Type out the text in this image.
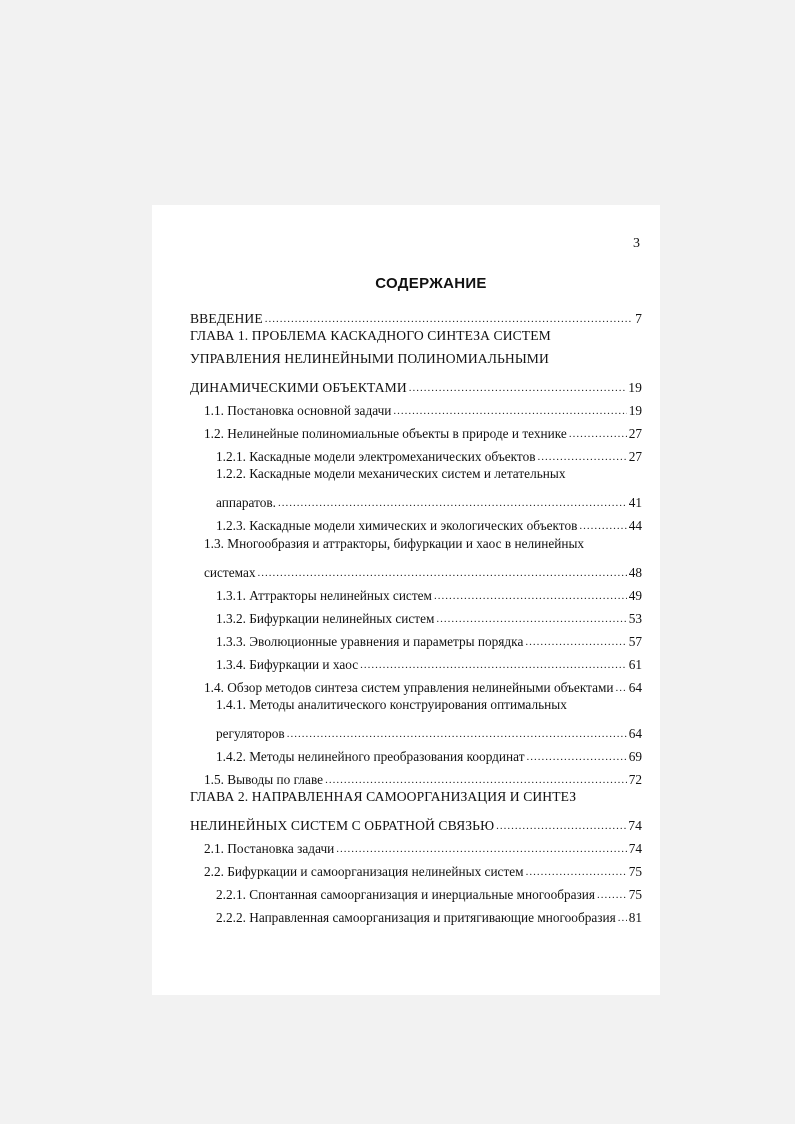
3
СОДЕРЖАНИЕ
ВВЕДЕНИЕ .....	7
ГЛАВА 1. ПРОБЛЕМА КАСКАДНОГО СИНТЕЗА СИСТЕМ
УПРАВЛЕНИЯ НЕЛИНЕЙНЫМИ ПОЛИНОМИАЛЬНЫМИ
ДИНАМИЧЕСКИМИ ОБЪЕКТАМИ .....	19
1.1. Постановка основной задачи .....	19
1.2. Нелинейные полиномиальные объекты в природе и технике .....	27
1.2.1. Каскадные модели электромеханических объектов .....	27
1.2.2. Каскадные модели механических систем и летательных
аппаратов. .....	41
1.2.3. Каскадные модели химических и экологических объектов .....	44
1.3. Многообразия и аттракторы, бифуркации и хаос в нелинейных
системах .....	48
1.3.1. Аттракторы нелинейных систем .....	49
1.3.2. Бифуркации нелинейных систем .....	53
1.3.3. Эволюционные уравнения и параметры порядка .....	57
1.3.4. Бифуркации и хаос .....	61
1.4. Обзор методов синтеза систем управления нелинейными объектами ..... 64
1.4.1. Методы аналитического конструирования оптимальных
регуляторов .....	64
1.4.2. Методы нелинейного преобразования координат .....	69
1.5. Выводы по главе .....	72
ГЛАВА 2. НАПРАВЛЕННАЯ САМООРГАНИЗАЦИЯ И СИНТЕЗ
НЕЛИНЕЙНЫХ СИСТЕМ С ОБРАТНОЙ СВЯЗЬЮ .....	74
2.1. Постановка задачи .....	74
2.2. Бифуркации и самоорганизация нелинейных систем .....	75
2.2.1. Спонтанная самоорганизация и инерциальные многообразия .....	75
2.2.2. Направленная самоорганизация и притягивающие многообразия ..... 81
